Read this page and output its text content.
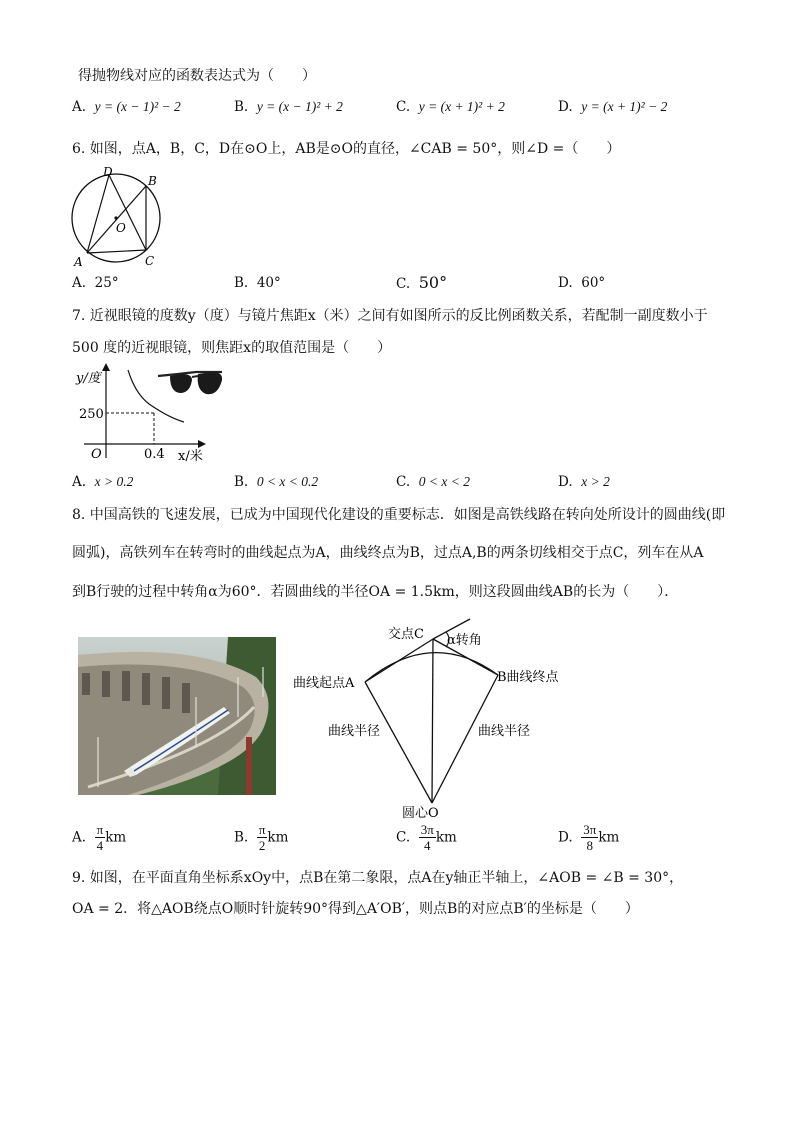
得抛物线对应的函数表达式为（　　）
A. y = (x − 1)² − 2	B. y = (x − 1)² + 2	C. y = (x + 1)² + 2	D. y = (x + 1)² − 2
6. 如图，点A，B，C，D在⊙O上，AB是⊙O的直径，∠CAB = 50°，则∠D =（　　）
D
B
O
A	C
A. 25°	B. 40°	C. 50°	D. 60°
7. 近视眼镜的度数y（度）与镜片焦距x（米）之间有如图所示的反比例函数关系，若配制一副度数小于
500 度的近视眼镜，则焦距x的取值范围是（　　）
y/度
250
O	0.4 x/米
A. x > 0.2	B. 0 < x < 0.2	C. 0 < x < 2	D. x > 2
8. 中国高铁的飞速发展，已成为中国现代化建设的重要标志．如图是高铁线路在转向处所设计的圆曲线(即
圆弧)，高铁列车在转弯时的曲线起点为A，曲线终点为B，过点A,B的两条切线相交于点C，列车在从A
到B行驶的过程中转角α为60°．若圆曲线的半径OA = 1.5km，则这段圆曲线AB的长为（　　）．
交点C α转角
曲线起点A	B曲线终点
曲线半径	曲线半径
圆心O
A. $\frac{\pi}{4}$ km	B. $\frac{\pi}{2}$ km	C. $\frac{3\pi}{4}$ km	D. $\frac{3\pi}{8}$ km
9. 如图，在平面直角坐标系xOy中，点B在第二象限，点A在y轴正半轴上，∠AOB = ∠B = 30°，
OA = 2．将△AOB绕点O顺时针旋转90°得到△A′OB′，则点B的对应点B′的坐标是（　　）
